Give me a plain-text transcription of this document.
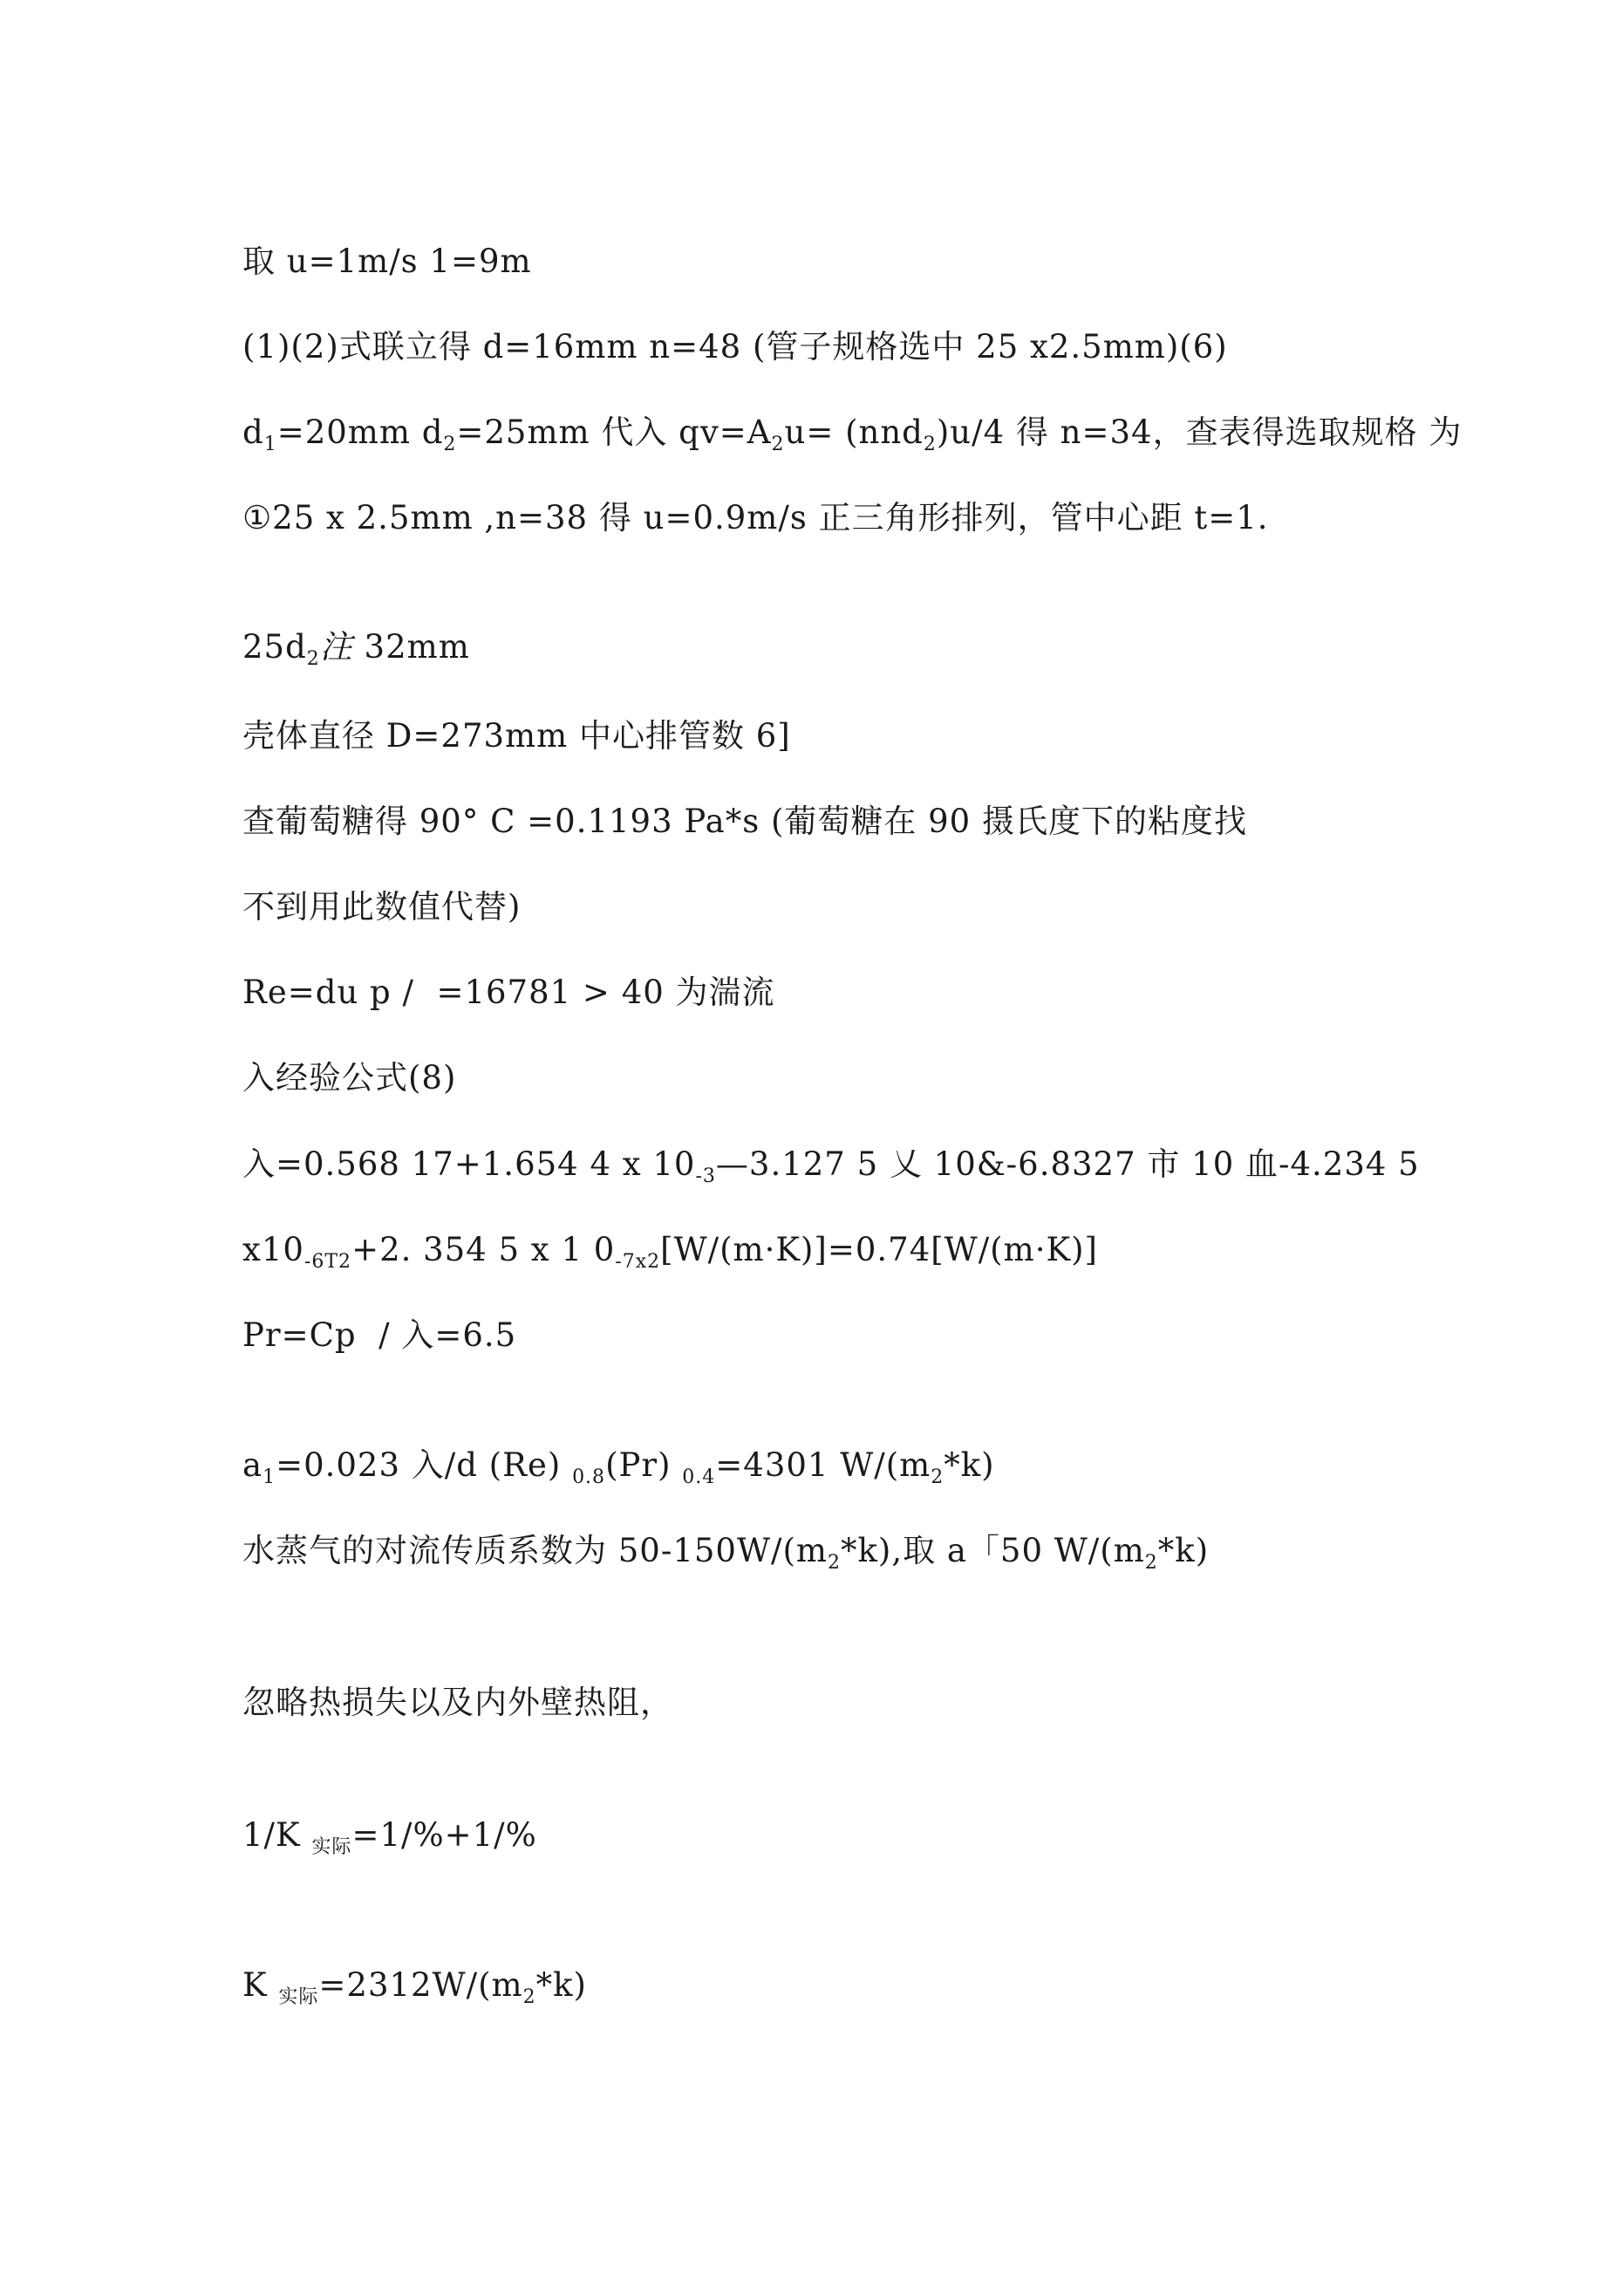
取 u=1m/s 1=9m
(1)(2)式联立得 d=16mm n=48 (管子规格选中 25 x2.5mm)(6)
$d_1=20mm$ $d_2=25mm$ 代入 $qv=A_2u= (nnd_2)u/4$ 得 n=34，查表得选取规格 为
①25 x 2.5mm ,n=38 得 u=0.9m/s 正三角形排列，管中心距 t=1.
$25d_2$注 32mm
壳体直径 D=273mm 中心排管数 6]
查葡萄糖得 90° C =0.1193 Pa*s (葡萄糖在 90 摄氏度下的粘度找
不到用此数值代替)
Re=du p /  =16781 > 40 为湍流
入经验公式(8)
入=0.568 17+1.654 4 x $10_{-3}—3.127$ 5 乂 10&-6.8327 市 10 血-4.234 5
$x10_{-6T2}+2$. 354 5 x 1 $0_{-7x2}[W/(m\cdot K)]=0.74[W/(m\cdot K)]$
Pr=Cp  / 入=6.5
$a_1=0.023$ 入/d (Re) $_{0.8}$(Pr) $_{0.4}$=4301 $W/(m_2*k)$
水蒸气的对流传质系数为 $50-150W/(m_2*k)$,取 a「50 $W/(m_2*k)$
忽略热损失以及内外壁热阻，
1/K $_{实际}$=1/%+1/%
K $_{实际}=2312W/(m_2*k)$
